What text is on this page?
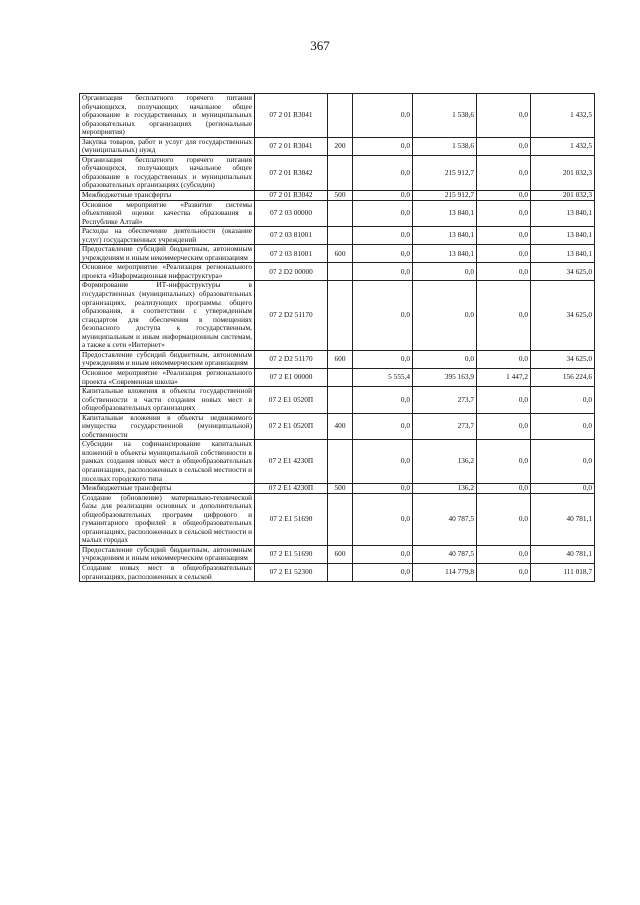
367
Организация бесплатного горячего питания обучающихся, получающих начальное общее образование в государственных и муниципальных образовательных организациях (региональные мероприятия)	07 2 01 R3041		0,0	1 538,6	0,0	1 432,5
Закупка товаров, работ и услуг для государственных (муниципальных) нужд	07 2 01 R3041	200	0,0	1 538,6	0,0	1 432,5
Организация бесплатного горячего питания обучающихся, получающих начальное общее образование в государственных и муниципальных образовательных организациях (субсидии)	07 2 01 R3042		0,0	215 912,7	0,0	201 032,3
Межбюджетные трансферты	07 2 01 R3042	500	0,0	215 912,7	0,0	201 032,3
Основное мероприятие «Развитие системы объективной оценки качества образования в Республике Алтай»	07 2 03 00000		0,0	13 840,1	0,0	13 840,1
Расходы на обеспечение деятельности (оказание услуг) государственных учреждений	07 2 03 81001		0,0	13 840,1	0,0	13 840,1
Предоставление субсидий бюджетным, автономным учреждениям и иным некоммерческим организациям	07 2 03 81001	600	0,0	13 840,1	0,0	13 840,1
Основное мероприятие «Реализация регионального проекта «Информационная инфраструктура»	07 2 D2 00000		0,0	0,0	0,0	34 625,0
Формирование ИТ-инфраструктуры в государственных (муниципальных) образовательных организациях, реализующих программы общего образования, в соответствии с утвержденным стандартом для обеспечения в помещениях безопасного доступа к государственным, муниципальным и иным информационным системам, а также к сети «Интернет»	07 2 D2 51170		0,0	0,0	0,0	34 625,0
Предоставление субсидий бюджетным, автономным учреждениям и иным некоммерческим организациям	07 2 D2 51170	600	0,0	0,0	0,0	34 625,0
Основное мероприятие «Реализация регионального проекта «Современная школа»	07 2 E1 00000		5 555,4	395 163,9	1 447,2	156 224,6
Капитальные вложения в объекты государственной собственности в части создания новых мест в общеобразовательных организациях	07 2 E1 0520П		0,0	273,7	0,0	0,0
Капитальные вложения в объекты недвижимого имущества государственной (муниципальной) собственности	07 2 E1 0520П	400	0,0	273,7	0,0	0,0
Субсидии на софинансирование капитальных вложений в объекты муниципальной собственности в рамках создания новых мест в общеобразовательных организациях, расположенных в сельской местности и поселках городского типа	07 2 E1 4230П		0,0	136,2	0,0	0,0
Межбюджетные трансферты	07 2 E1 4230П	500	0,0	136,2	0,0	0,0
Создание (обновление) материально-технической базы для реализации основных и дополнительных общеобразовательных программ цифрового и гуманитарного профилей в общеобразовательных организациях, расположенных в сельской местности и малых городах	07 2 E1 51690		0,0	40 787,5	0,0	40 781,1
Предоставление субсидий бюджетным, автономным учреждениям и иным некоммерческим организациям	07 2 E1 51690	600	0,0	40 787,5	0,0	40 781,1
Создание новых мест в общеобразовательных организациях, расположенных в сельской	07 2 E1 52300		0,0	114 779,8	0,0	111 018,7
